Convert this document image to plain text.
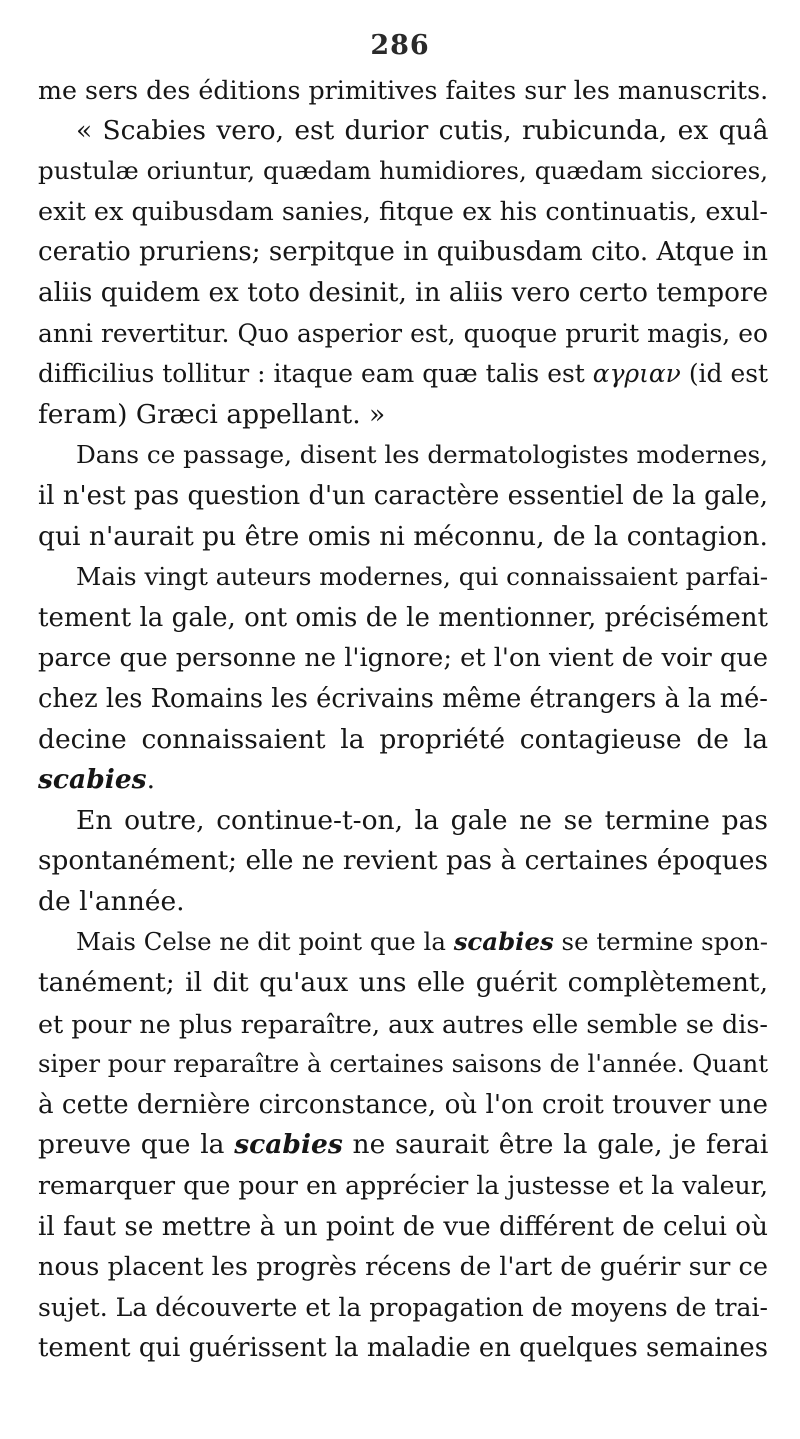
286
me sers des éditions primitives faites sur les manuscrits.
« Scabies vero, est durior cutis, rubicunda, ex quâ
pustulæ oriuntur, quædam humidiores, quædam sicciores,
exit ex quibusdam sanies, fitque ex his continuatis, exul-
ceratio pruriens; serpitque in quibusdam cito. Atque in
aliis quidem ex toto desinit, in aliis vero certo tempore
anni revertitur. Quo asperior est, quoque prurit magis, eo
difficilius tollitur : itaque eam quæ talis est αγριαν (id est
feram) Græci appellant. »
Dans ce passage, disent les dermatologistes modernes,
il n'est pas question d'un caractère essentiel de la gale,
qui n'aurait pu être omis ni méconnu, de la contagion.
Mais vingt auteurs modernes, qui connaissaient parfai-
tement la gale, ont omis de le mentionner, précisément
parce que personne ne l'ignore; et l'on vient de voir que
chez les Romains les écrivains même étrangers à la mé-
decine connaissaient la propriété contagieuse de la
scabies.
En outre, continue-t-on, la gale ne se termine pas
spontanément; elle ne revient pas à certaines époques
de l'année.
Mais Celse ne dit point que la scabies se termine spon-
tanément; il dit qu'aux uns elle guérit complètement,
et pour ne plus reparaître, aux autres elle semble se dis-
siper pour reparaître à certaines saisons de l'année. Quant
à cette dernière circonstance, où l'on croit trouver une
preuve que la scabies ne saurait être la gale, je ferai
remarquer que pour en apprécier la justesse et la valeur,
il faut se mettre à un point de vue différent de celui où
nous placent les progrès récens de l'art de guérir sur ce
sujet. La découverte et la propagation de moyens de trai-
tement qui guérissent la maladie en quelques semaines
